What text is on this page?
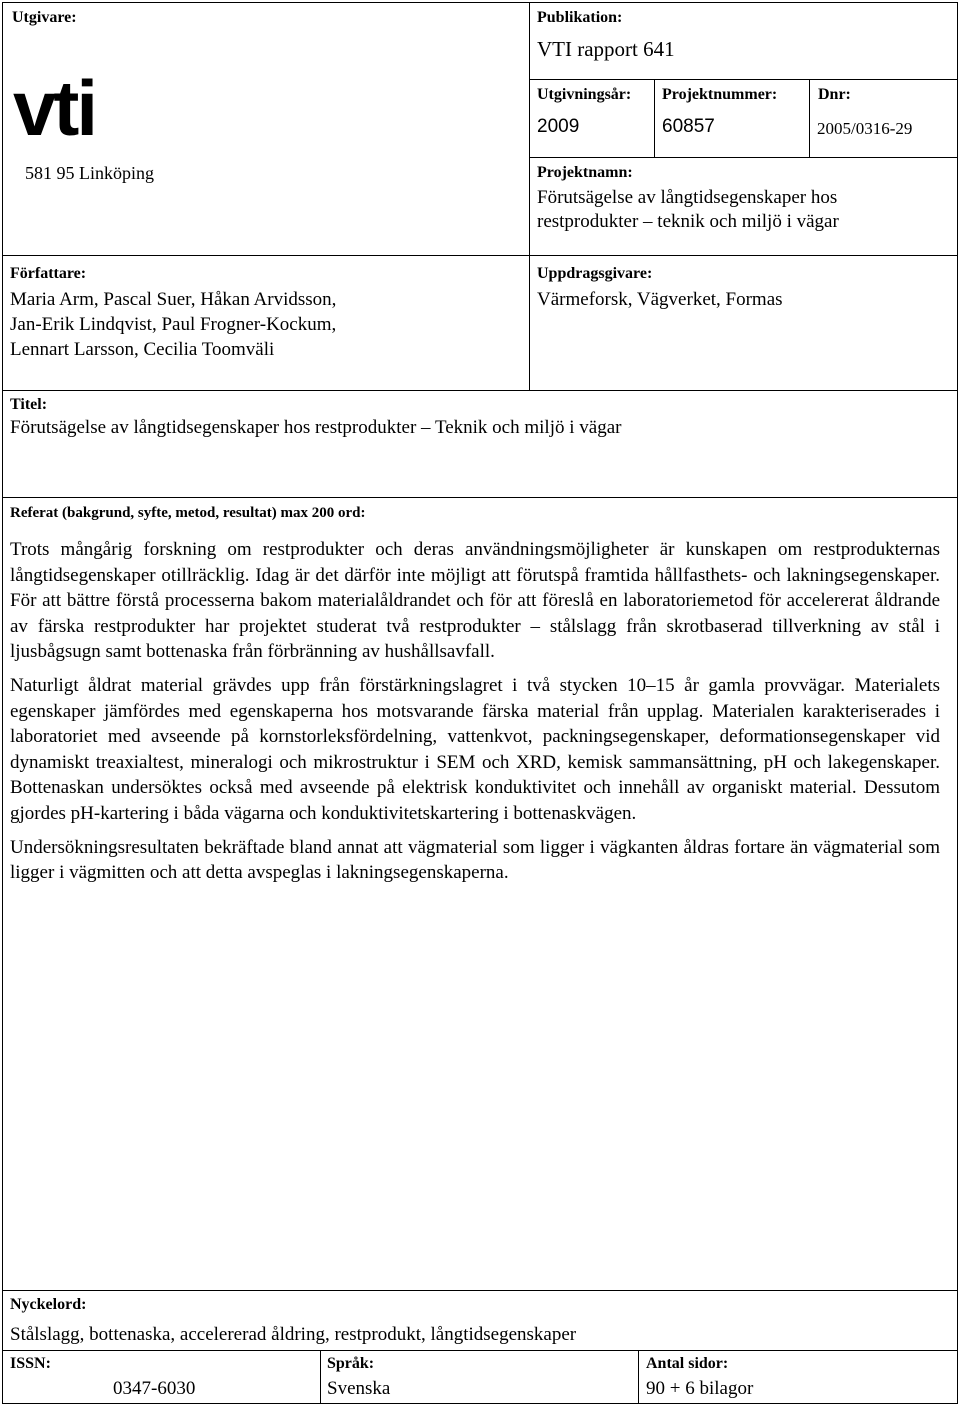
Utgivare:
vti
581 95 Linköping
Publikation:
VTI rapport 641
Utgivningsår:
2009
Projektnummer:
60857
Dnr:
2005/0316-29
Projektnamn:
Förutsägelse av långtidsegenskaper hos
restprodukter – teknik och miljö i vägar
Författare:
Maria Arm, Pascal Suer, Håkan Arvidsson,
Jan-Erik Lindqvist, Paul Frogner-Kockum,
Lennart Larsson, Cecilia Toomväli
Uppdragsgivare:
Värmeforsk, Vägverket, Formas
Titel:
Förutsägelse av långtidsegenskaper hos restprodukter – Teknik och miljö i vägar
Referat (bakgrund, syfte, metod, resultat) max 200 ord:

Trots mångårig forskning om restprodukter och deras användningsmöjligheter är kunskapen om restprodukternas långtidsegenskaper otillräcklig. Idag är det därför inte möjligt att förutspå framtida hållfasthets- och lakningsegenskaper. För att bättre förstå processerna bakom materialåldrandet och för att föreslå en laboratoriemetod för accelererat åldrande av färska restprodukter har projektet studerat två restprodukter – stålslagg från skrotbaserad tillverkning av stål i ljusbågsugn samt bottenaska från förbränning av hushållsavfall.

Naturligt åldrat material grävdes upp från förstärkningslagret i två stycken 10–15 år gamla provvägar. Materialets egenskaper jämfördes med egenskaperna hos motsvarande färska material från upplag. Materialen karakteriserades i laboratoriet med avseende på kornstorleksfördelning, vattenkvot, packningsegenskaper, deformationsegenskaper vid dynamiskt treaxialtest, mineralogi och mikrostruktur i SEM och XRD, kemisk sammansättning, pH och lakegenskaper. Bottenaskan undersöktes också med avseende på elektrisk konduktivitet och innehåll av organiskt material. Dessutom gjordes pH-kartering i båda vägarna och konduktivitetskartering i bottenaskvägen.

Undersökningsresultaten bekräftade bland annat att vägmaterial som ligger i vägkanten åldras fortare än vägmaterial som ligger i vägmitten och att detta avspeglas i lakningsegenskaperna.

Nyckelord:
Stålslagg, bottenaska, accelererad åldring, restprodukt, långtidsegenskaper
ISSN:
0347-6030
Språk:
Svenska
Antal sidor:
90 + 6 bilagor
